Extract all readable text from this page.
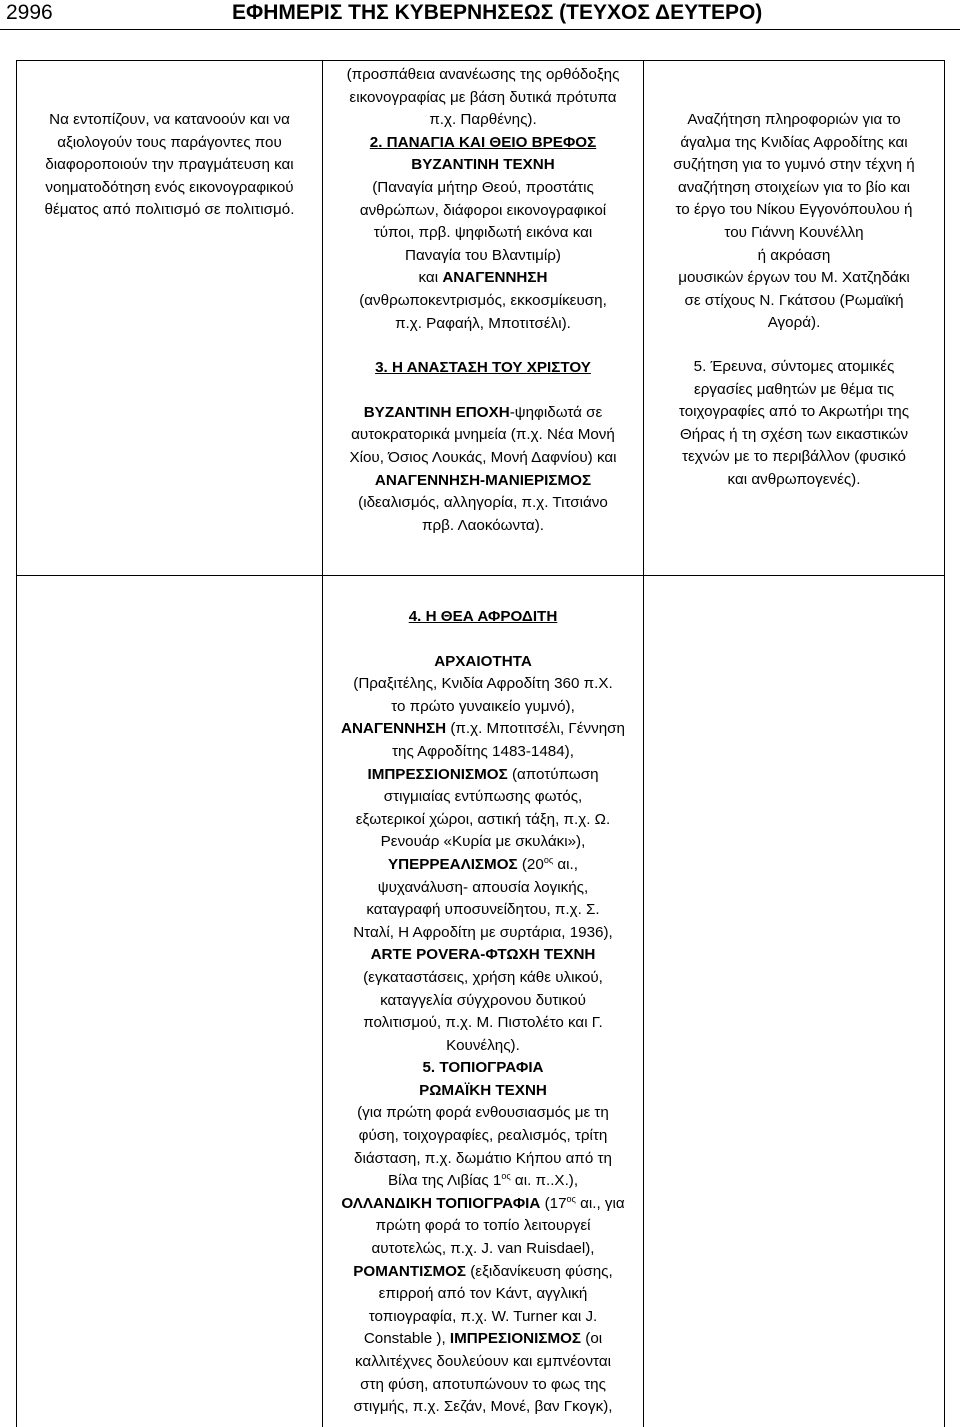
2996	ΕΦΗΜΕΡΙΣ ΤΗΣ ΚΥΒΕΡΝΗΣΕΩΣ (ΤΕΥΧΟΣ ΔΕΥΤΕΡΟ)

Να εντοπίζουν, να κατανοούν και να

αξιολογούν τους παράγοντες που

διαφοροποιούν την πραγμάτευση και

νοηματοδότηση ενός εικονογραφικού

θέματος από πολιτισμό σε πολιτισμό.

(προσπάθεια ανανέωσης της ορθόδοξης

εικονογραφίας με βάση δυτικά πρότυπα

π.χ. Παρθένης).

2. ΠΑΝΑΓΙΑ ΚΑΙ ΘΕΙΟ ΒΡΕΦΟΣ

ΒΥΖΑΝΤΙΝΗ ΤΕΧΝΗ

(Παναγία μήτηρ Θεού, προστάτις

ανθρώπων, διάφοροι εικονογραφικοί

τύποι, πρβ. ψηφιδωτή εικόνα και

Παναγία του Βλαντιμίρ)

και ΑΝΑΓΕΝΝΗΣΗ

(ανθρωποκεντρισμός, εκκοσμίκευση,

π.χ. Ραφαήλ, Μποτιτσέλι).

3. Η ΑΝΑΣΤΑΣΗ ΤΟΥ ΧΡΙΣΤΟΥ

ΒΥΖΑΝΤΙΝΗ ΕΠΟΧΗ-ψηφιδωτά σε

αυτοκρατορικά μνημεία (π.χ. Νέα Μονή

Χίου, Όσιος Λουκάς, Μονή Δαφνίου) και

ΑΝΑΓΕΝΝΗΣΗ-ΜΑΝΙΕΡΙΣΜΟΣ

(ιδεαλισμός, αλληγορία, π.χ. Τιτσιάνο

πρβ. Λαοκόωντα).

Αναζήτηση πληροφοριών για το

άγαλμα της Κνιδίας Αφροδίτης και

συζήτηση για το γυμνό στην τέχνη ή

αναζήτηση στοιχείων για το βίο και

το έργο του Νίκου Εγγονόπουλου ή

του Γιάννη Κουνέλλη

ή ακρόαση

μουσικών έργων του Μ. Χατζηδάκι

σε στίχους Ν. Γκάτσου (Ρωμαϊκή

Αγορά).

5. Έρευνα, σύντομες ατομικές

εργασίες μαθητών με θέμα τις

τοιχογραφίες από το Ακρωτήρι της

Θήρας ή τη σχέση των εικαστικών

τεχνών με το περιβάλλον (φυσικό

και ανθρωπογενές).

4. Η ΘΕΑ ΑΦΡΟΔΙΤΗ

ΑΡΧΑΙΟΤΗΤΑ

(Πραξιτέλης, Κνιδία Αφροδίτη 360 π.Χ.

το πρώτο γυναικείο γυμνό),

ΑΝΑΓΕΝΝΗΣΗ (π.χ. Μποτιτσέλι, Γέννηση

της Αφροδίτης 1483-1484),

ΙΜΠΡΕΣΣΙΟΝΙΣΜΟΣ (αποτύπωση

στιγμιαίας εντύπωσης φωτός,

εξωτερικοί χώροι, αστική τάξη, π.χ. Ω.

Ρενουάρ «Κυρία με σκυλάκι»),

ΥΠΕΡΡΕΑΛΙΣΜΟΣ ($20^{o\varsigma}$ αι.,

ψυχανάλυση- απουσία λογικής,

καταγραφή υποσυνείδητου, π.χ. Σ.

Νταλί, Η Αφροδίτη με συρτάρια, 1936),

ARTE POVERA-ΦΤΩΧΗ ΤΕΧΝΗ

(εγκαταστάσεις, χρήση κάθε υλικού,

καταγγελία σύγχρονου δυτικού

πολιτισμού, π.χ. Μ. Πιστολέτο και Γ.

Κουνέλης).

5. ΤΟΠΙΟΓΡΑΦΙΑ

ΡΩΜΑΪΚΗ ΤΕΧΝΗ

(για πρώτη φορά ενθουσιασμός με τη

φύση, τοιχογραφίες, ρεαλισμός, τρίτη

διάσταση, π.χ. δωμάτιο Κήπου από τη

Βίλα της Λιβίας $1^{o\varsigma}$ αι. π..Χ.),

ΟΛΛΑΝΔΙΚΗ ΤΟΠΙΟΓΡΑΦΙΑ ($17^{o\varsigma}$ αι., για

πρώτη φορά το τοπίο λειτουργεί

αυτοτελώς, π.χ. J. van Ruisdael),

ΡΟΜΑΝΤΙΣΜΟΣ (εξιδανίκευση φύσης,

επιρροή από τον Κάντ, αγγλική

τοπιογραφία, π.χ. W. Turner και J.

Constable ), ΙΜΠΡΕΣΙΟΝΙΣΜΟΣ (οι

καλλιτέχνες δουλεύουν και εμπνέονται

στη φύση, αποτυπώνουν το φως της

στιγμής, π.χ. Σεζάν, Μονέ, βαν Γκογκ),
